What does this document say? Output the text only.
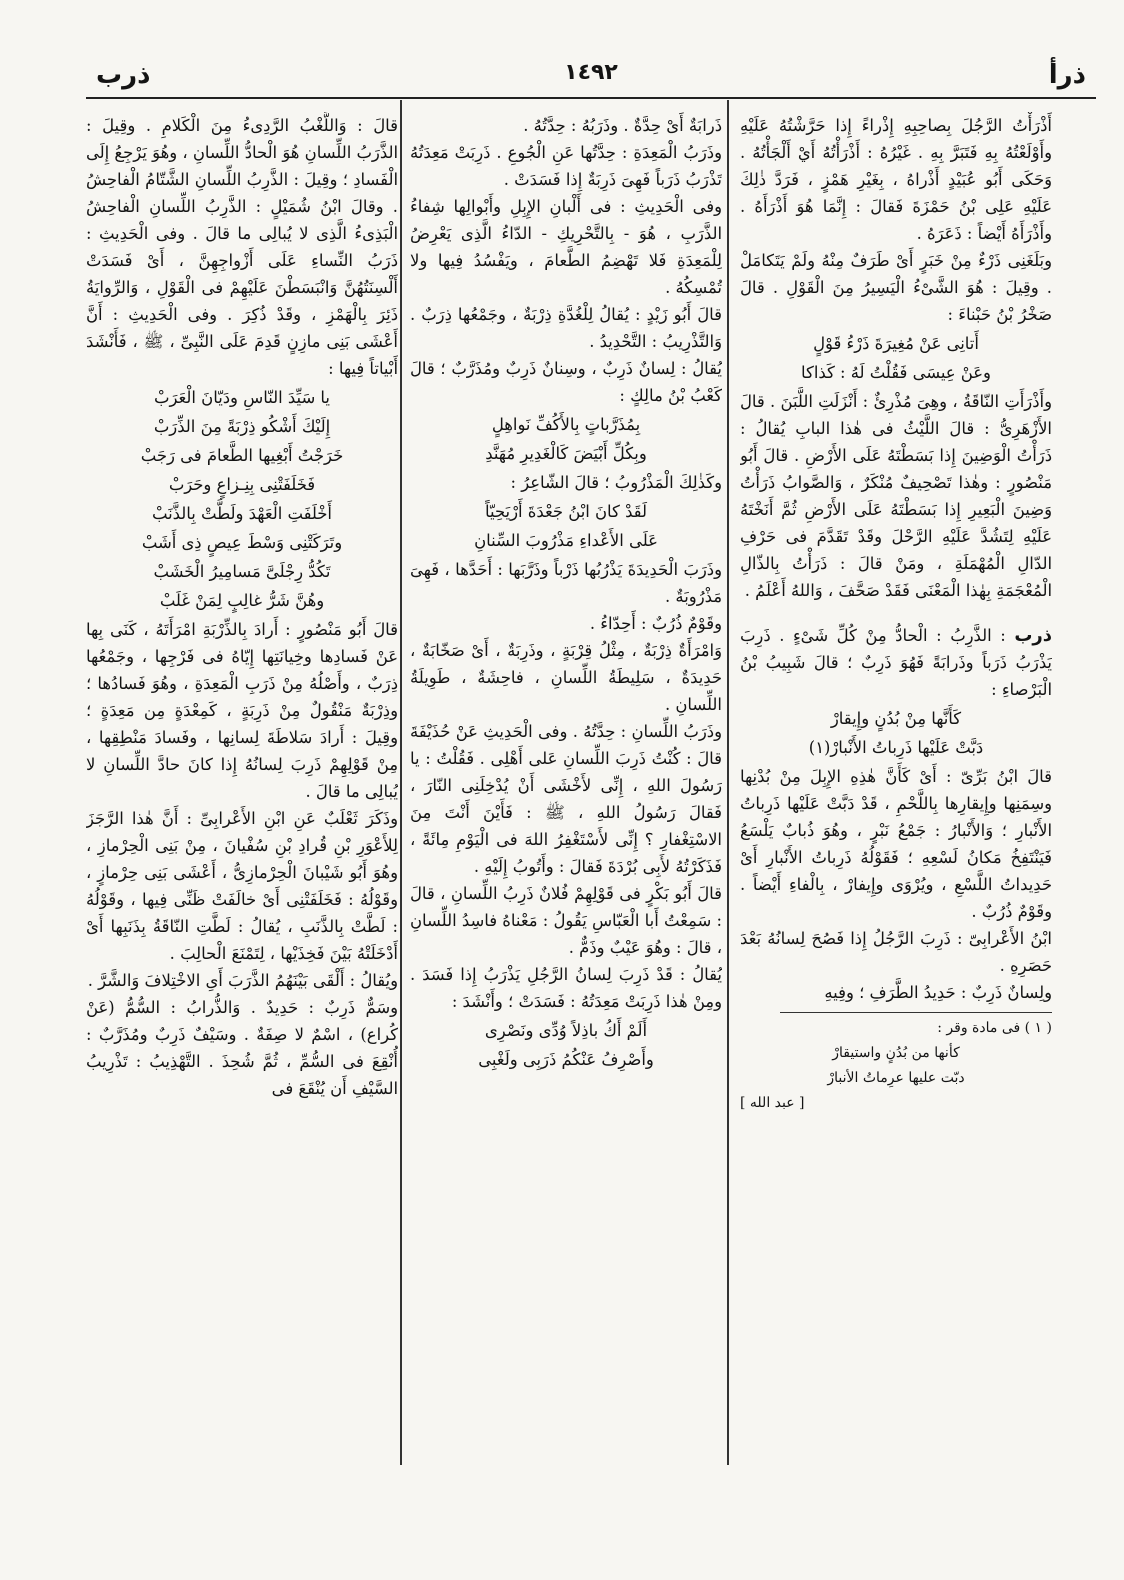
ذرأ
١٤٩٢
ذرب

أَذْرَأْتُ الرَّجُلَ بِصاحِبِهِ إِذْراءً إِذا حَرَّشْتُهُ عَلَيْهِ وأَوْلَعْتُهُ بِهِ فَتَبَرَّ بِهِ . غَيْرُهُ : أَذْرَأْتُهُ أَيْ أَلْجَأْتُهُ . وَحَكَى أَبُو عُبَيْدٍ أَذْراهُ ، بِغَيْرِ هَمْزٍ ، فَرَدَّ ذٰلِكَ عَلَيْهِ عَلِى بْنُ حَمْزَةَ فَقالَ : إِنَّمَا هُوَ أَذْرَأَهُ . وأَذْرَأَهُ أَيْضاً : ذَعَرَهُ .

وبَلَغَنِى ذَرْءٌ مِنْ خَبَرٍ أَىْ طَرَفٌ مِنْهُ ولَمْ يَتَكامَلْ . وقِيلَ : هُوَ الشَّىْءُ الْيَسِيرُ مِنَ الْقَوْلِ . قالَ صَخْرُ بْنُ حَبْناءَ :

أَتانِى عَنْ مُغِيرَةَ ذَرْءُ قَوْلٍ

وعَنْ عِيسَى فَقُلْتُ لَهُ : كَذاكا

وأَذْرَأَتِ النّاقَةُ ، وهِىَ مُذْرِئٌ : أَنْزَلَتِ اللَّبَنَ . قالَ الأَزْهَرِىُّ : قالَ اللَّيْثُ فى هٰذا البابِ يُقالُ : ذَرَأْتُ الْوَضِينَ إِذا بَسَطْتَهُ عَلَى الأَرْضِ . قالَ أَبُو مَنْصُورٍ : وهٰذا تَصْحِيفٌ مُنْكَرٌ ، وَالصَّوابُ ذَرَأْتُ وَضِينَ الْبَعِيرِ إِذا بَسَطْتَهُ عَلَى الأَرْضِ ثُمَّ أَنَخْتَهُ عَلَيْهِ لِتَشُدَّ عَلَيْهِ الرَّحْلَ وقَدْ تَقَدَّمَ فى حَرْفِ الدّالِ الْمُهْمَلَةِ ، ومَنْ قالَ : ذَرَأْتُ بِالذّالِ الْمُعْجَمَةِ بِهٰذا الْمَعْنَى فَقَدْ صَحَّفَ ، وَاللهُ أَعْلَمُ .

ذرب : الذَّرِبُ : الْحادُّ مِنْ كُلِّ شَىْءٍ . ذَرِبَ يَذْرَبُ ذَرَباً وذَرابَةً فَهُوَ ذَرِبٌ ؛ قالَ شَبِيبُ بْنُ الْبَرْصاءِ :

كَأَنَّها مِنْ بُدُنٍ وإِيقارْ

دَبَّتْ عَلَيْها ذَرِباتُ الأَنْبارْ(١)

قالَ ابْنُ بَرِّىّ : أَىْ كَأَنَّ هٰذِهِ الإِبِلَ مِنْ بُدْنِها وسِمَنِها وإِيقارِها بِاللَّحْمِ ، قَدْ دَبَّتْ عَلَيْها ذَرِباتُ الأَنْبارِ ؛ وَالأَنْبارُ : جَمْعُ نَبْرٍ ، وهُوَ ذُبابٌ يَلْسَعُ فَيَنْتَفِخُ مَكانُ لَسْعِهِ ؛ فَقَوْلُهُ ذَرِباتُ الأَنْبارِ أَىْ حَدِيداتُ اللَّسْعِ ، ويُرْوَى وإِيفارْ ، بِالْفاءِ أَيْضاً . وقَوْمٌ ذُرُبٌ .

ابْنُ الأَعْرابِىّ : ذَرِبَ الرَّجُلُ إِذا فَصُحَ لِسانُهُ بَعْدَ حَصَرِهِ .

ولِسانٌ ذَرِبٌ : حَدِيدُ الطَّرَفِ ؛ وفِيهِ

( ١ ) فى مادة وقر :

كأنها من بُدُنٍ واستيقارْ

دبّت عليها عرِماتُ الأنبارْ

[ عبد الله ]

ذَرابَةٌ أَىْ حِدَّةٌ . وذَرَبُهُ : حِدَّتُهُ .

وذَرَبُ الْمَعِدَةِ : حِدَّتُها عَنِ الْجُوعِ . ذَرِبَتْ مَعِدَتُهُ تَذْرَبُ ذَرَباً فَهِىَ ذَرِبَةٌ إِذا فَسَدَتْ .

وفى الْحَدِيثِ : فى أَلْبانِ الإِبِلِ وأَبْوالِها شِفاءُ الذَّرَبِ ، هُوَ - بِالتَّحْرِيكِ - الدّاءُ الَّذِى يَعْرِضُ لِلْمَعِدَةِ فَلا تَهْضِمُ الطَّعامَ ، ويَفْسُدُ فِيها ولا تُمْسِكُهُ .

قالَ أَبُو زَيْدٍ : يُقالُ لِلْغُدَّةِ ذِرْبَةٌ ، وجَمْعُها ذِرَبٌ . وَالتَّذْرِيبُ : التَّحْدِيدُ .

يُقالُ : لِسانٌ ذَرِبٌ ، وسِنانٌ ذَرِبٌ ومُذَرَّبٌ ؛ قالَ كَعْبُ بْنُ مالِكٍ :

بِمُذَرَّباتٍ بِالأَكُفِّ نَواهِلٍ

وبِكُلِّ أَبْيَضَ كَالْغَدِيرِ مُهَنَّدِ

وكَذٰلِكَ الْمَذْرُوبُ ؛ قالَ الشّاعِرُ :

لَقَدْ كانَ ابْنُ جَعْدَةَ أَرْيَحِيّاً

عَلَى الأَعْداءِ مَذْرُوبَ السِّنانِ

وذَرَبَ الْحَدِيدَةَ يَذْرُبُها ذَرْباً وذَرَّبَها : أَحَدَّها ، فَهِىَ مَذْرُوبَةٌ .

وقَوْمٌ ذُرُبٌ : أَحِدّاءُ .

وَامْرَأَةٌ ذِرْبَةٌ ، مِثْلُ قِرْبَةٍ ، وذَرِبَةٌ ، أَىْ صَخّابَةٌ ، حَدِيدَةٌ ، سَلِيطَةُ اللِّسانِ ، فاحِشَةٌ ، طَوِيلَةُ اللِّسانِ .

وذَرَبُ اللِّسانِ : حِدَّتُهُ . وفى الْحَدِيثِ عَنْ حُذَيْفَةَ قالَ : كُنْتُ ذَرِبَ اللِّسانِ عَلى أَهْلِى . فَقُلْتُ : يا رَسُولَ اللهِ ، إِنِّى لأَخْشَى أَنْ يُدْخِلَنِى النّارَ ، فَقالَ رَسُولُ اللهِ ، ﷺ : فَأَيْنَ أَنْتَ مِنَ الاسْتِغْفارِ ؟ إِنِّى لأَسْتَغْفِرُ اللهَ فى الْيَوْمِ مِائَةً ، فَذَكَرْتُهُ لأَبِى بُرْدَةَ فَقالَ : وأَتُوبُ إِلَيْهِ .

قالَ أَبُو بَكْرٍ فى قَوْلِهِمْ فُلانٌ ذَرِبُ اللِّسانِ ، قالَ : سَمِعْتُ أَبا الْعَبّاسِ يَقُولُ : مَعْناهُ فاسِدُ اللِّسانِ ، قالَ : وهُوَ عَيْبٌ وذَمٌّ .

يُقالُ : قَدْ ذَرِبَ لِسانُ الرَّجُلِ يَذْرَبُ إِذا فَسَدَ . ومِنْ هٰذا ذَرِبَتْ مَعِدَتُهُ : فَسَدَتْ ؛ وأَنْشَدَ :

أَلَمْ أَكُ باذِلاً وُدِّى ونَصْرِى

وأَصْرِفُ عَنْكُمُ ذَرَبِى ولَغْبِى

قالَ : وَاللَّغْبُ الرَّدِىءُ مِنَ الْكَلامِ . وقِيلَ : الذَّرَبُ اللِّسانِ هُوَ الْحادُّ اللِّسانِ ، وهُوَ يَرْجِعُ إِلَى الْفَسادِ ؛ وقِيلَ : الذَّرِبُ اللِّسانِ الشَّتّامُ الْفاحِشُ . وقالَ ابْنُ شُمَيْلٍ : الذَّرِبُ اللِّسانِ الْفاحِشُ الْبَذِىءُ الَّذِى لا يُبالِى ما قالَ . وفى الْحَدِيثِ : ذَرَبُ النِّساءِ عَلَى أَزْواجِهِنَّ ، أَىْ فَسَدَتْ أَلْسِنَتُهُنَّ وَانْبَسَطْنَ عَلَيْهِمْ فى الْقَوْلِ ، وَالرِّوايَةُ ذَئِرَ بِالْهَمْزِ ، وقَدْ ذُكِرَ . وفى الْحَدِيثِ : أَنَّ أَعْشَى بَنِى مازِنٍ قَدِمَ عَلَى النَّبِىِّ ، ﷺ ، فَأَنْشَدَ أَبْياتاً فِيها :

يا سَيِّدَ النّاسِ ودَيّانَ الْعَرَبْ

إِلَيْكَ أَشْكُو ذِرْبَةً مِنَ الذِّرَبْ

خَرَجْتُ أَبْغِيها الطَّعامَ فى رَجَبْ

فَخَلَفَتْنِى بِنِـزاعٍ وحَرَبْ

أَخْلَفَتِ الْعَهْدَ ولَطَّتْ بِالذَّنَبْ

وتَرَكَتْنِى وَسْطَ عِيصٍ ذِى أَشَبْ

تَكُدُّ رِجْلَىَّ مَسامِيرُ الْخَشَبْ

وهُنَّ شَرُّ غالِبٍ لِمَنْ غَلَبْ

قالَ أَبُو مَنْصُورٍ : أَرادَ بِالذِّرْبَةِ امْرَأَتَهُ ، كَنَى بِها عَنْ فَسادِها وخِيانَتِها إِيّاهُ فى فَرْجِها ، وجَمْعُها ذِرَبٌ ، وأَصْلُهُ مِنْ ذَرَبِ الْمَعِدَةِ ، وهُوَ فَسادُها ؛ وذِرْبَةٌ مَنْقُولٌ مِنْ ذَرِبَةٍ ، كَمِعْدَةٍ مِن مَعِدَةٍ ؛ وقِيلَ : أَرادَ سَلاطَةَ لِسانِها ، وفَسادَ مَنْطِقِها ، مِنْ قَوْلِهِمْ ذَرِبَ لِسانُهُ إِذا كانَ حادَّ اللِّسانِ لا يُبالِى ما قالَ .

وذَكَرَ ثَعْلَبٌ عَنِ ابْنِ الأَعْرابِىِّ : أَنَّ هٰذا الرَّجَزَ لِلأَعْوَرِ بْنِ قُرادِ بْنِ سُفْيانَ ، مِنْ بَنِى الْحِرْمازِ ، وهُوَ أَبُو شَيْبانَ الْحِرْمازِىُّ ، أَعْشَى بَنِى حِرْمازٍ ، وقَوْلُهُ : فَخَلَفَتْنِى أَىْ خالَفَتْ ظَنِّى فِيها ، وقَوْلُهُ : لَطَّتْ بِالذَّنَبِ ، يُقالُ : لَطَّتِ النّاقَةُ بِذَنَبِها أَىْ أَدْخَلَتْهُ بَيْنَ فَخِذَيْها ، لِتَمْنَعَ الْحالِبَ .

ويُقالُ : أَلْقَى بَيْنَهُمُ الذَّرَبَ أَىِ الاخْتِلافَ وَالشَّرَّ .

وسَمٌّ ذَرِبٌ : حَدِيدٌ . وَالذُّرابُ : السُّمُّ (عَنْ كُراع) ، اسْمٌ لا صِفَةٌ . وسَيْفٌ ذَرِبٌ ومُذَرَّبٌ : أُنْقِعَ فى السُّمِّ ، ثُمَّ شُحِذَ . التَّهْذِيبُ : تَذْرِيبُ السَّيْفِ أَن يُنْقَعَ فى
